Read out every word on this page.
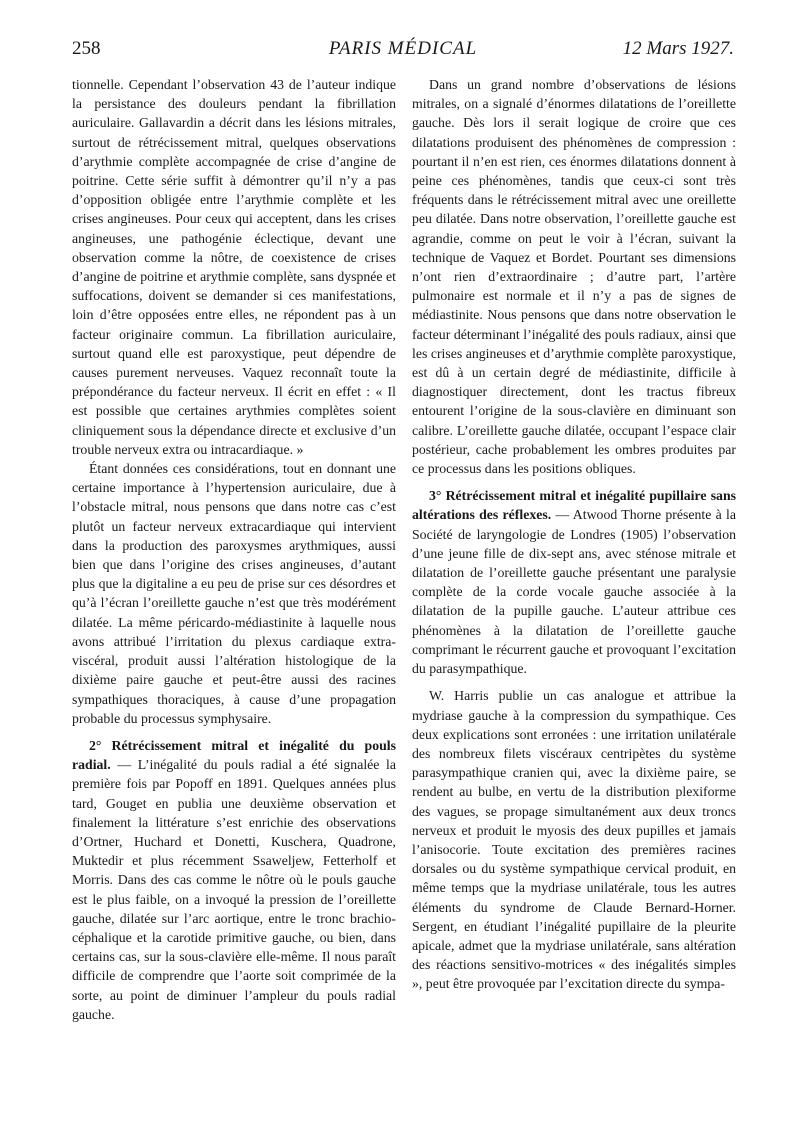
258	PARIS MÉDICAL	12 Mars 1927.

tionnelle. Cependant l’observation 43 de l’auteur indique la persistance des douleurs pendant la fibrillation auriculaire. Gallavardin a décrit dans les lésions mitrales, surtout de rétrécissement mitral, quelques observations d’arythmie complète accompagnée de crise d’angine de poitrine. Cette série suffit à démontrer qu’il n’y a pas d’opposition obligée entre l’arythmie complète et les crises angineuses. Pour ceux qui acceptent, dans les crises angineuses, une pathogénie éclectique, devant une observation comme la nôtre, de coexistence de crises d’angine de poitrine et arythmie complète, sans dyspnée et suffocations, doivent se demander si ces manifestations, loin d’être opposées entre elles, ne répondent pas à un facteur originaire commun. La fibrillation auriculaire, surtout quand elle est paroxystique, peut dépendre de causes purement nerveuses. Vaquez reconnaît toute la prépondérance du facteur nerveux. Il écrit en effet : « Il est possible que certaines arythmies complètes soient cliniquement sous la dépendance directe et exclusive d’un trouble nerveux extra ou intracardiaque. »

Étant données ces considérations, tout en donnant une certaine importance à l’hypertension auriculaire, due à l’obstacle mitral, nous pensons que dans notre cas c’est plutôt un facteur nerveux extracardiaque qui intervient dans la production des paroxysmes arythmiques, aussi bien que dans l’origine des crises angineuses, d’autant plus que la digitaline a eu peu de prise sur ces désordres et qu’à l’écran l’oreillette gauche n’est que très modérément dilatée. La même péricardo-médiastinite à laquelle nous avons attribué l’irritation du plexus cardiaque extra-viscéral, produit aussi l’altération histologique de la dixième paire gauche et peut-être aussi des racines sympathiques thoraciques, à cause d’une propagation probable du processus symphysaire.

2° Rétrécissement mitral et inégalité du pouls radial. — L’inégalité du pouls radial a été signalée la première fois par Popoff en 1891. Quelques années plus tard, Gouget en publia une deuxième observation et finalement la littérature s’est enrichie des observations d’Ortner, Huchard et Donetti, Kuschera, Quadrone, Muktedir et plus récemment Ssaweljew, Fetterholf et Morris. Dans des cas comme le nôtre où le pouls gauche est le plus faible, on a invoqué la pression de l’oreillette gauche, dilatée sur l’arc aortique, entre le tronc brachio-céphalique et la carotide primitive gauche, ou bien, dans certains cas, sur la sous-clavière elle-même. Il nous paraît difficile de comprendre que l’aorte soit comprimée de la sorte, au point de diminuer l’ampleur du pouls radial gauche.

Dans un grand nombre d’observations de lésions mitrales, on a signalé d’énormes dilatations de l’oreillette gauche. Dès lors il serait logique de croire que ces dilatations produisent des phénomènes de compression : pourtant il n’en est rien, ces énormes dilatations donnent à peine ces phénomènes, tandis que ceux-ci sont très fréquents dans le rétrécissement mitral avec une oreillette peu dilatée. Dans notre observation, l’oreillette gauche est agrandie, comme on peut le voir à l’écran, suivant la technique de Vaquez et Bordet. Pourtant ses dimensions n’ont rien d’extraordinaire ; d’autre part, l’artère pulmonaire est normale et il n’y a pas de signes de médiastinite. Nous pensons que dans notre observation le facteur déterminant l’inégalité des pouls radiaux, ainsi que les crises angineuses et d’arythmie complète paroxystique, est dû à un certain degré de médiastinite, difficile à diagnostiquer directement, dont les tractus fibreux entourent l’origine de la sous-clavière en diminuant son calibre. L’oreillette gauche dilatée, occupant l’espace clair postérieur, cache probablement les ombres produites par ce processus dans les positions obliques.

3° Rétrécissement mitral et inégalité pupillaire sans altérations des réflexes. — Atwood Thorne présente à la Société de laryngologie de Londres (1905) l’observation d’une jeune fille de dix-sept ans, avec sténose mitrale et dilatation de l’oreillette gauche présentant une paralysie complète de la corde vocale gauche associée à la dilatation de la pupille gauche. L’auteur attribue ces phénomènes à la dilatation de l’oreillette gauche comprimant le récurrent gauche et provoquant l’excitation du parasympathique.

W. Harris publie un cas analogue et attribue la mydriase gauche à la compression du sympathique. Ces deux explications sont erronées : une irritation unilatérale des nombreux filets viscéraux centripètes du système parasympathique cranien qui, avec la dixième paire, se rendent au bulbe, en vertu de la distribution plexiforme des vagues, se propage simultanément aux deux troncs nerveux et produit le myosis des deux pupilles et jamais l’anisocorie. Toute excitation des premières racines dorsales ou du système sympathique cervical produit, en même temps que la mydriase unilatérale, tous les autres éléments du syndrome de Claude Bernard-Horner. Sergent, en étudiant l’inégalité pupillaire de la pleurite apicale, admet que la mydriase unilatérale, sans altération des réactions sensitivo-motrices « des inégalités simples », peut être provoquée par l’excitation directe du sympa-
